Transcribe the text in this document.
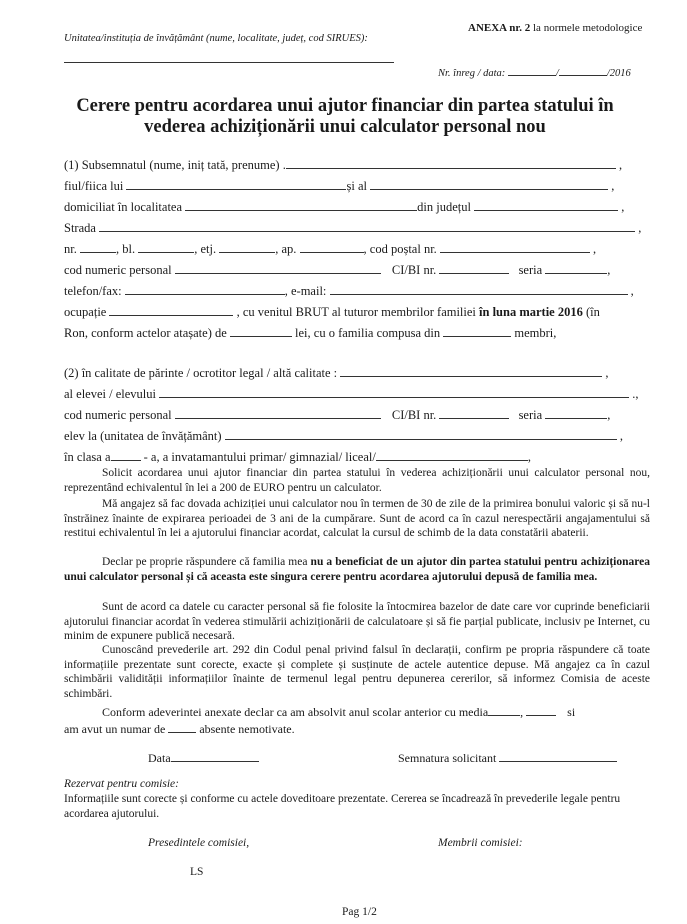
Unitatea/instituția de învățământ (nume, localitate, județ, cod SIRUES):
ANEXA nr. 2 la normele metodologice
Nr. înreg / data:	/	/2016
Cerere pentru acordarea unui ajutor financiar din partea statului în
vederea achiziționării unui calculator personal nou
(1) Subsemnatul (nume, iniț tată, prenume) .	,
fiul/fiica lui	și al	,
domiciliat în localitatea	din județul	,
Strada	,
nr.	, bl.	, etj.	, ap.	, cod poștal nr.	,
cod numeric personal	CI/BI nr.	seria	,
telefon/fax:	, e-mail:	,
ocupație	, cu venitul BRUT al tuturor membrilor familiei în luna martie 2016 (în
Ron, conform actelor atașate) de	lei, cu o familia compusa din	membri,
(2) în calitate de părinte / ocrotitor legal / altă calitate :	,
al elevei / elevului	.,
cod numeric personal	CI/BI nr.	seria	,
elev la (unitatea de învățământ)	,
în clasa a	- a, a invatamantului primar/ gimnazial/ liceal/	,
Solicit acordarea unui ajutor financiar din partea statului în vederea achiziționării unui calculator personal nou, reprezentând echivalentul în lei a 200 de EURO pentru un calculator.
Mă angajez să fac dovada achiziției unui calculator nou în termen de 30 de zile de la primirea bonului valoric și să nu-l înstrăinez înainte de expirarea perioadei de 3 ani de la cumpărare. Sunt de acord ca în cazul nerespectării angajamentului să restitui echivalentul în lei a ajutorului financiar acordat, calculat la cursul de schimb de la data constatării abaterii.
Declar pe proprie răspundere că familia mea nu a beneficiat de un ajutor din partea statului pentru achiziționarea unui calculator personal și că aceasta este singura cerere pentru acordarea ajutorului depusă de familia mea.
Sunt de acord ca datele cu caracter personal să fie folosite la întocmirea bazelor de date care vor cuprinde beneficiarii ajutorului financiar acordat în vederea stimulării achiziționării de calculatoare și să fie parțial publicate, inclusiv pe Internet, cu minim de expunere publică necesară.
Cunoscând prevederile art. 292 din Codul penal privind falsul în declarații, confirm pe propria răspundere că toate informațiile prezentate sunt corecte, exacte și complete și susținute de actele autentice depuse. Mă angajez ca în cazul schimbării validității informațiilor înainte de termenul legal pentru depunerea cererilor, să informez Comisia de aceste schimbări.
Conform adeverintei anexate declar ca am absolvit anul scolar anterior cu media	,	si
am avut un numar de	absente nemotivate.
Data	Semnatura solicitant
Rezervat pentru comisie:
Informațiile sunt corecte și conforme cu actele doveditoare prezentate. Cererea se încadrează în prevederile legale pentru acordarea ajutorului.
Presedintele comisiei,	Membrii comisiei:
LS
Pag 1/2
